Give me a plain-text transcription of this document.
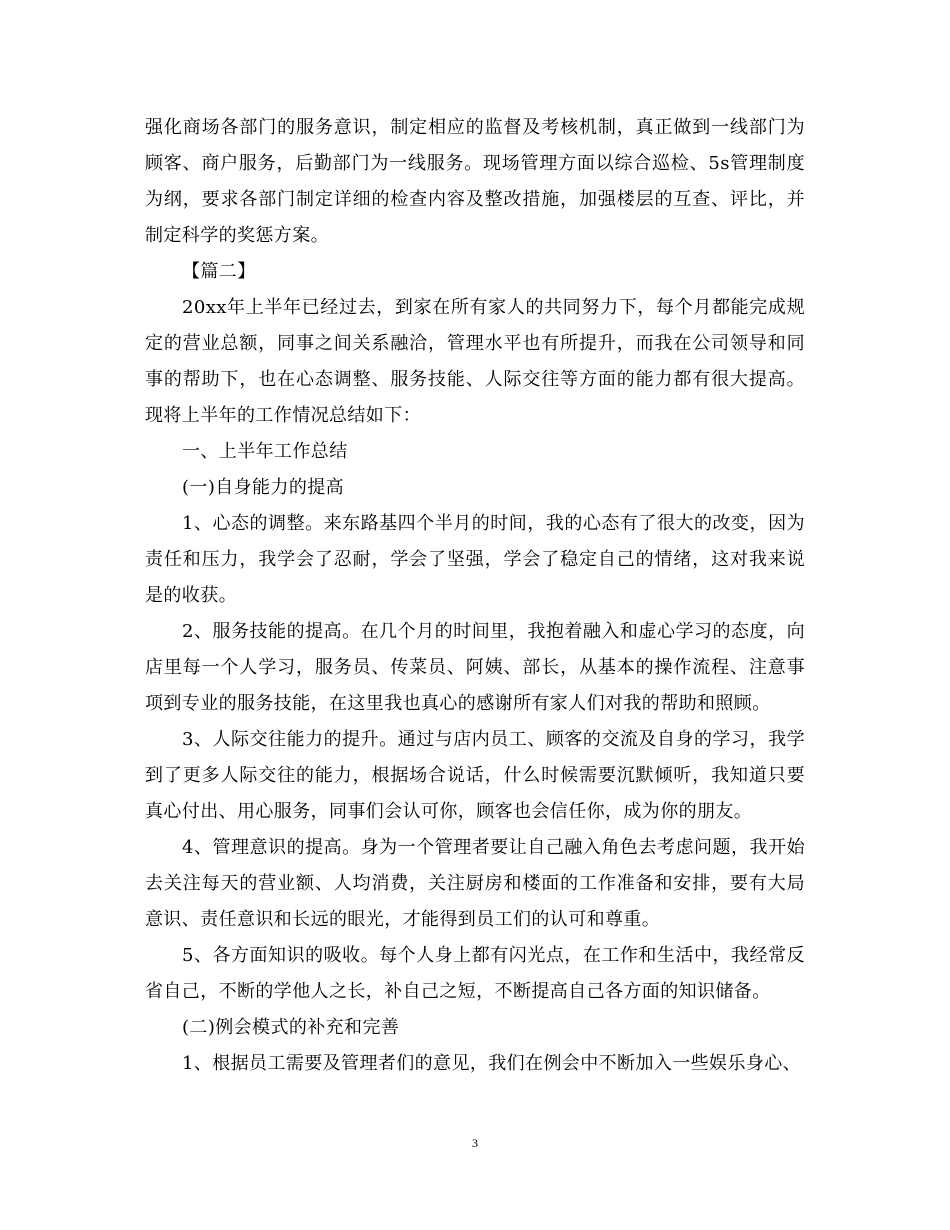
强化商场各部门的服务意识，制定相应的监督及考核机制，真正做到一线部门为顾客、商户服务，后勤部门为一线服务。现场管理方面以综合巡检、5s管理制度为纲，要求各部门制定详细的检查内容及整改措施，加强楼层的互查、评比，并制定科学的奖惩方案。

【篇二】

20xx年上半年已经过去，到家在所有家人的共同努力下，每个月都能完成规定的营业总额，同事之间关系融洽，管理水平也有所提升，而我在公司领导和同事的帮助下，也在心态调整、服务技能、人际交往等方面的能力都有很大提高。现将上半年的工作情况总结如下：

一、上半年工作总结

(一)自身能力的提高

1、心态的调整。来东路基四个半月的时间，我的心态有了很大的改变，因为责任和压力，我学会了忍耐，学会了坚强，学会了稳定自己的情绪，这对我来说是的收获。

2、服务技能的提高。在几个月的时间里，我抱着融入和虚心学习的态度，向店里每一个人学习，服务员、传菜员、阿姨、部长，从基本的操作流程、注意事项到专业的服务技能，在这里我也真心的感谢所有家人们对我的帮助和照顾。

3、人际交往能力的提升。通过与店内员工、顾客的交流及自身的学习，我学到了更多人际交往的能力，根据场合说话，什么时候需要沉默倾听，我知道只要真心付出、用心服务，同事们会认可你，顾客也会信任你，成为你的朋友。

4、管理意识的提高。身为一个管理者要让自己融入角色去考虑问题，我开始去关注每天的营业额、人均消费，关注厨房和楼面的工作准备和安排，要有大局意识、责任意识和长远的眼光，才能得到员工们的认可和尊重。

5、各方面知识的吸收。每个人身上都有闪光点，在工作和生活中，我经常反省自己，不断的学他人之长，补自己之短，不断提高自己各方面的知识储备。

(二)例会模式的补充和完善

1、根据员工需要及管理者们的意见，我们在例会中不断加入一些娱乐身心、

3
